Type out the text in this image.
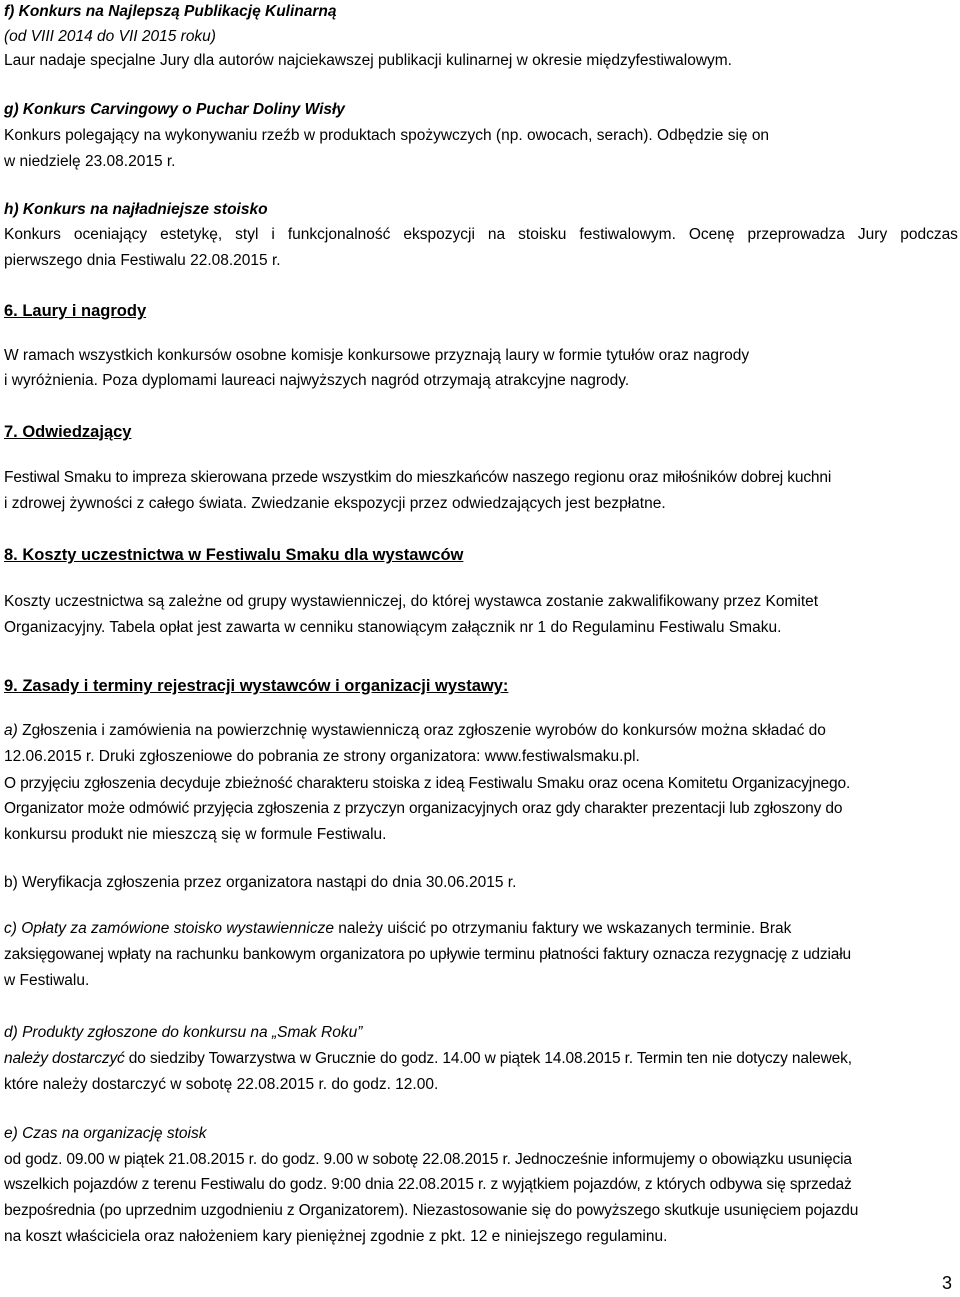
f) Konkurs na Najlepszą Publikację Kulinarną
(od VIII 2014 do VII 2015 roku)
Laur nadaje specjalne Jury dla autorów najciekawszej publikacji kulinarnej w okresie międzyfestiwalowym.
g) Konkurs Carvingowy o Puchar Doliny Wisły
Konkurs polegający na wykonywaniu rzeźb w produktach spożywczych (np. owocach, serach). Odbędzie się on
w niedzielę 23.08.2015 r.
h) Konkurs na najładniejsze stoisko
Konkurs oceniający estetykę, styl i funkcjonalność ekspozycji na stoisku festiwalowym. Ocenę przeprowadza Jury podczas
pierwszego dnia Festiwalu 22.08.2015 r.
6. Laury i nagrody
W ramach wszystkich konkursów osobne komisje konkursowe przyznają laury w formie tytułów oraz nagrody
i wyróżnienia. Poza dyplomami laureaci najwyższych nagród otrzymają atrakcyjne nagrody.
7. Odwiedzający
Festiwal Smaku to impreza skierowana przede wszystkim do mieszkańców naszego regionu oraz miłośników dobrej kuchni
i zdrowej żywności z całego świata. Zwiedzanie ekspozycji przez odwiedzających jest bezpłatne.
8. Koszty uczestnictwa w Festiwalu Smaku dla wystawców
Koszty uczestnictwa są zależne od grupy wystawienniczej, do której wystawca zostanie zakwalifikowany przez Komitet
Organizacyjny. Tabela opłat jest zawarta w cenniku stanowiącym załącznik nr 1 do Regulaminu Festiwalu Smaku.
9. Zasady i terminy rejestracji wystawców i organizacji wystawy:
a) Zgłoszenia i zamówienia na powierzchnię wystawienniczą oraz zgłoszenie wyrobów do konkursów można składać do
12.06.2015 r. Druki zgłoszeniowe do pobrania ze strony organizatora: www.festiwalsmaku.pl.
O przyjęciu zgłoszenia decyduje zbieżność charakteru stoiska z ideą Festiwalu Smaku oraz ocena Komitetu Organizacyjnego.
Organizator może odmówić przyjęcia zgłoszenia z przyczyn organizacyjnych oraz gdy charakter prezentacji lub zgłoszony do
konkursu produkt nie mieszczą się w formule Festiwalu.
b) Weryfikacja zgłoszenia przez organizatora nastąpi do dnia 30.06.2015 r.
c) Opłaty za zamówione stoisko wystawiennicze należy uiścić po otrzymaniu faktury we wskazanych terminie. Brak
zaksięgowanej wpłaty na rachunku bankowym organizatora po upływie terminu płatności faktury oznacza rezygnację z udziału
w Festiwalu.
d) Produkty zgłoszone do konkursu na „Smak Roku”
należy dostarczyć do siedziby Towarzystwa w Grucznie do godz. 14.00 w piątek 14.08.2015 r. Termin ten nie dotyczy nalewek,
które należy dostarczyć w sobotę 22.08.2015 r. do godz. 12.00.
e) Czas na organizację stoisk
od godz. 09.00 w piątek 21.08.2015 r. do godz. 9.00 w sobotę 22.08.2015 r. Jednocześnie informujemy o obowiązku usunięcia
wszelkich pojazdów z terenu Festiwalu do godz. 9:00 dnia 22.08.2015 r. z wyjątkiem pojazdów, z których odbywa się sprzedaż
bezpośrednia (po uprzednim uzgodnieniu z Organizatorem). Niezastosowanie się do powyższego skutkuje usunięciem pojazdu
na koszt właściciela oraz nałożeniem kary pieniężnej zgodnie z pkt. 12 e niniejszego regulaminu.
3
